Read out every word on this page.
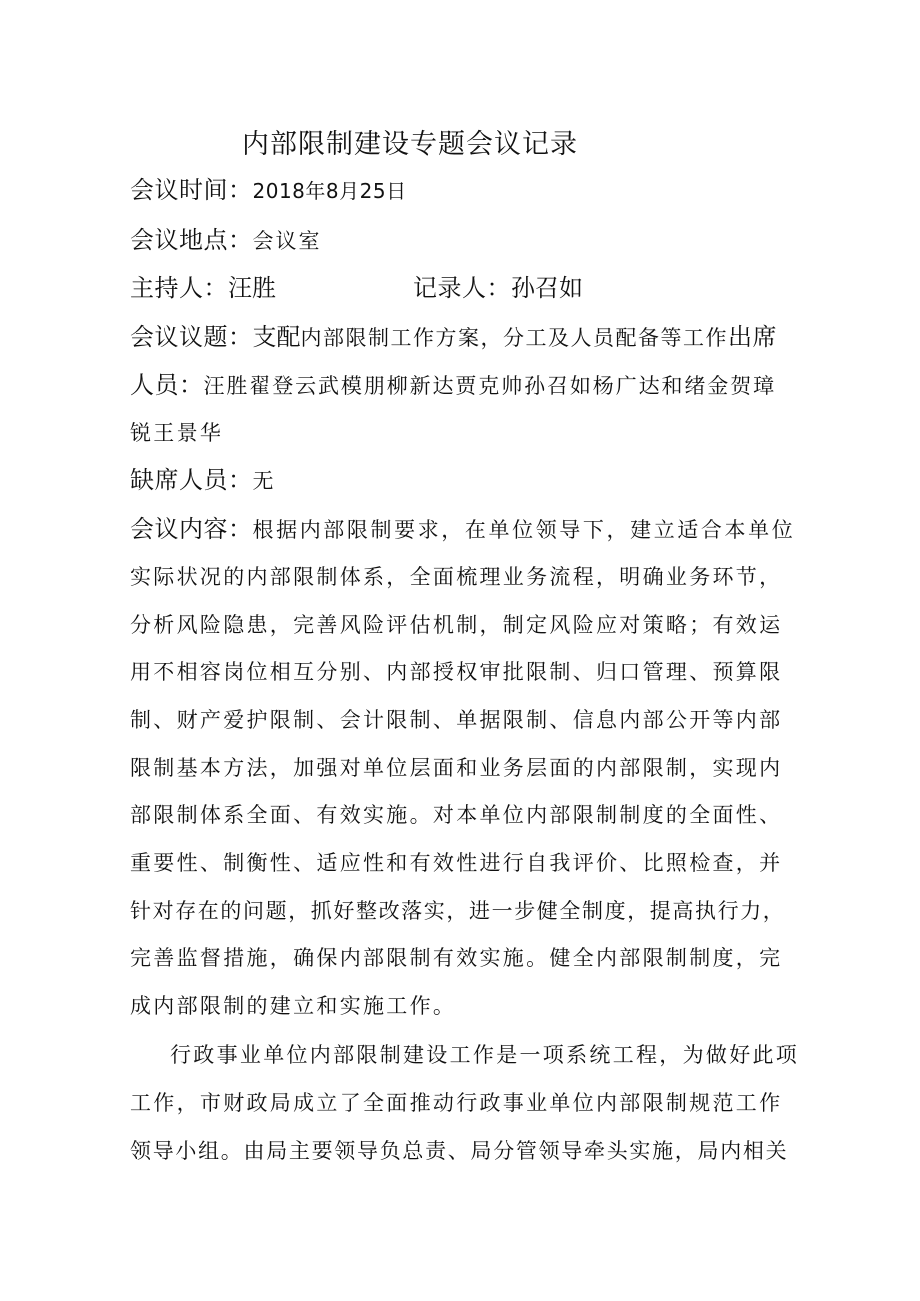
内部限制建设专题会议记录
会议时间：2018年8月25日
会议地点：会议室
主持人：汪胜	记录人：孙召如
会议议题：支配内部限制工作方案，分工及人员配备等工作出席
人员：汪胜翟登云武模朋柳新达贾克帅孙召如杨广达和绪金贺璋
锐王景华
缺席人员：无
会议内容：根据内部限制要求，在单位领导下，建立适合本单位
实际状况的内部限制体系，全面梳理业务流程，明确业务环节，
分析风险隐患，完善风险评估机制，制定风险应对策略；有效运
用不相容岗位相互分别、内部授权审批限制、归口管理、预算限
制、财产爱护限制、会计限制、单据限制、信息内部公开等内部
限制基本方法，加强对单位层面和业务层面的内部限制，实现内
部限制体系全面、有效实施。对本单位内部限制制度的全面性、
重要性、制衡性、适应性和有效性进行自我评价、比照检查，并
针对存在的问题，抓好整改落实，进一步健全制度，提高执行力，
完善监督措施，确保内部限制有效实施。健全内部限制制度，完
成内部限制的建立和实施工作。
行政事业单位内部限制建设工作是一项系统工程，为做好此项
工作，市财政局成立了全面推动行政事业单位内部限制规范工作
领导小组。由局主要领导负总责、局分管领导牵头实施，局内相关
